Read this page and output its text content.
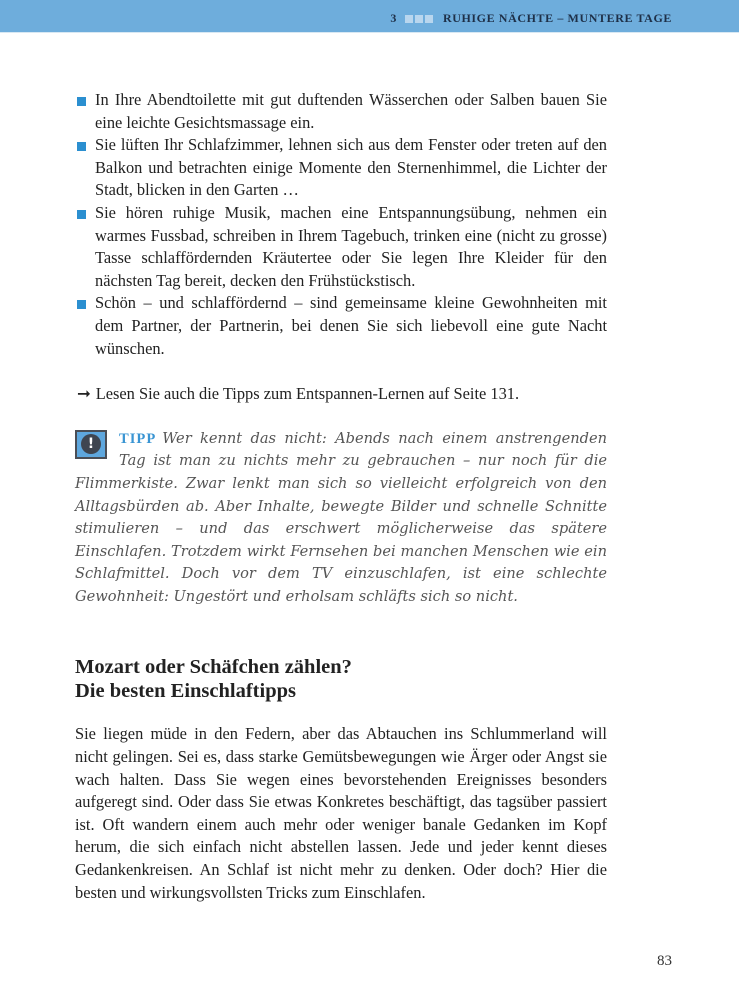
3	RUHIGE NÄCHTE – MUNTERE TAGE
In Ihre Abendtoilette mit gut duftenden Wässerchen oder Salben bauen Sie eine leichte Gesichtsmassage ein.
Sie lüften Ihr Schlafzimmer, lehnen sich aus dem Fenster oder treten auf den Balkon und betrachten einige Momente den Sternenhimmel, die Lichter der Stadt, blicken in den Garten …
Sie hören ruhige Musik, machen eine Entspannungsübung, nehmen ein warmes Fussbad, schreiben in Ihrem Tagebuch, trinken eine (nicht zu grosse) Tasse schlaffördernden Kräutertee oder Sie legen Ihre Kleider für den nächsten Tag bereit, decken den Frühstückstisch.
Schön – und schlaffördernd – sind gemeinsame kleine Gewohnheiten mit dem Partner, der Partnerin, bei denen Sie sich liebevoll eine gute Nacht wünschen.
➞ Lesen Sie auch die Tipps zum Entspannen-Lernen auf Seite 131.
!	TIPP Wer kennt das nicht: Abends nach einem anstrengenden Tag ist man zu nichts mehr zu gebrauchen – nur noch für die Flimmerkiste. Zwar lenkt man sich so vielleicht erfolgreich von den Alltagsbürden ab. Aber Inhalte, bewegte Bilder und schnelle Schnitte stimulieren – und das erschwert möglicherweise das spätere Einschlafen. Trotzdem wirkt Fernsehen bei manchen Menschen wie ein Schlafmittel. Doch vor dem TV einzuschlafen, ist eine schlechte Gewohnheit: Ungestört und erholsam schläfts sich so nicht.
Mozart oder Schäfchen zählen?
Die besten Einschlaftipps

Sie liegen müde in den Federn, aber das Abtauchen ins Schlummerland will nicht gelingen. Sei es, dass starke Gemütsbewegungen wie Ärger oder Angst sie wach halten. Dass Sie wegen eines bevorstehenden Ereignisses besonders aufgeregt sind. Oder dass Sie etwas Konkretes beschäftigt, das tagsüber passiert ist. Oft wandern einem auch mehr oder weniger banale Gedanken im Kopf herum, die sich einfach nicht abstellen lassen. Jede und jeder kennt dieses Gedankenkreisen. An Schlaf ist nicht mehr zu denken. Oder doch? Hier die besten und wirkungsvollsten Tricks zum Einschlafen.

83
